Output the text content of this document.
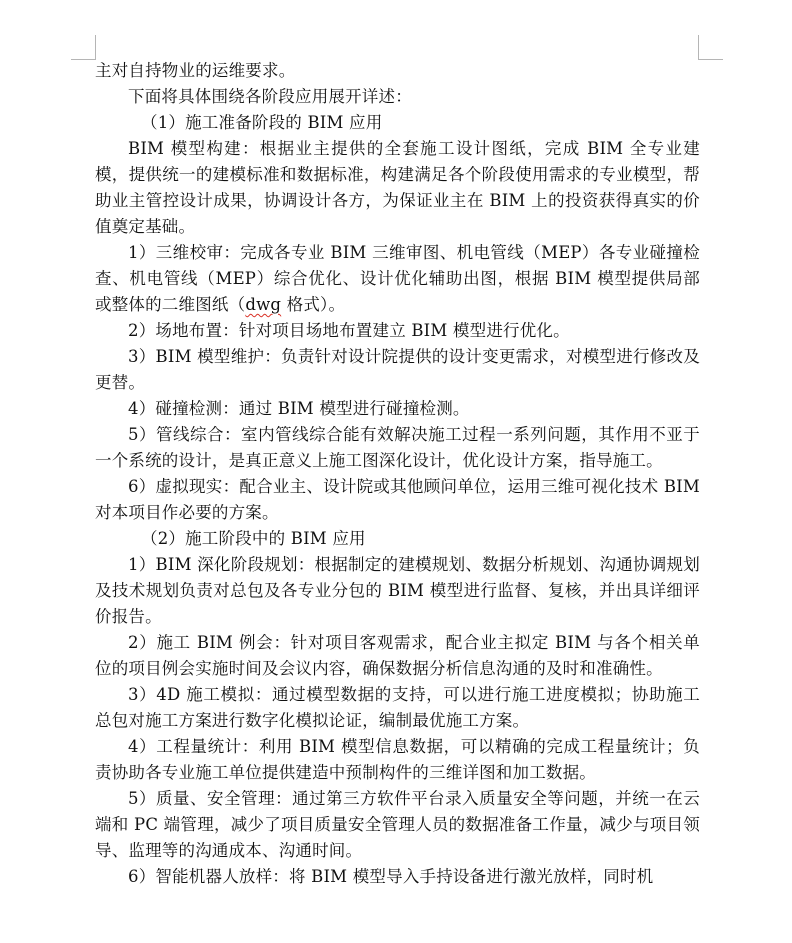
主对自持物业的运维要求。

下面将具体围绕各阶段应用展开详述：

（1）施工准备阶段的 BIM 应用

BIM 模型构建：根据业主提供的全套施工设计图纸，完成 BIM 全专业建模，提供统一的建模标准和数据标准，构建满足各个阶段使用需求的专业模型，帮助业主管控设计成果，协调设计各方，为保证业主在 BIM 上的投资获得真实的价值奠定基础。

1）三维校审：完成各专业 BIM 三维审图、机电管线（MEP）各专业碰撞检查、机电管线（MEP）综合优化、设计优化辅助出图，根据 BIM 模型提供局部或整体的二维图纸（dwg 格式）。

2）场地布置：针对项目场地布置建立 BIM 模型进行优化。

3）BIM 模型维护：负责针对设计院提供的设计变更需求，对模型进行修改及更替。

4）碰撞检测：通过 BIM 模型进行碰撞检测。

5）管线综合：室内管线综合能有效解决施工过程一系列问题，其作用不亚于一个系统的设计，是真正意义上施工图深化设计，优化设计方案，指导施工。

6）虚拟现实：配合业主、设计院或其他顾问单位，运用三维可视化技术 BIM 对本项目作必要的方案。

（2）施工阶段中的 BIM 应用

1）BIM 深化阶段规划：根据制定的建模规划、数据分析规划、沟通协调规划及技术规划负责对总包及各专业分包的 BIM 模型进行监督、复核，并出具详细评价报告。

2）施工 BIM 例会：针对项目客观需求，配合业主拟定 BIM 与各个相关单位的项目例会实施时间及会议内容，确保数据分析信息沟通的及时和准确性。

3）4D 施工模拟：通过模型数据的支持，可以进行施工进度模拟；协助施工总包对施工方案进行数字化模拟论证，编制最优施工方案。

4）工程量统计：利用 BIM 模型信息数据，可以精确的完成工程量统计；负责协助各专业施工单位提供建造中预制构件的三维详图和加工数据。

5）质量、安全管理：通过第三方软件平台录入质量安全等问题，并统一在云端和 PC 端管理，减少了项目质量安全管理人员的数据准备工作量，减少与项目领导、监理等的沟通成本、沟通时间。

6）智能机器人放样：将 BIM 模型导入手持设备进行激光放样，同时机
